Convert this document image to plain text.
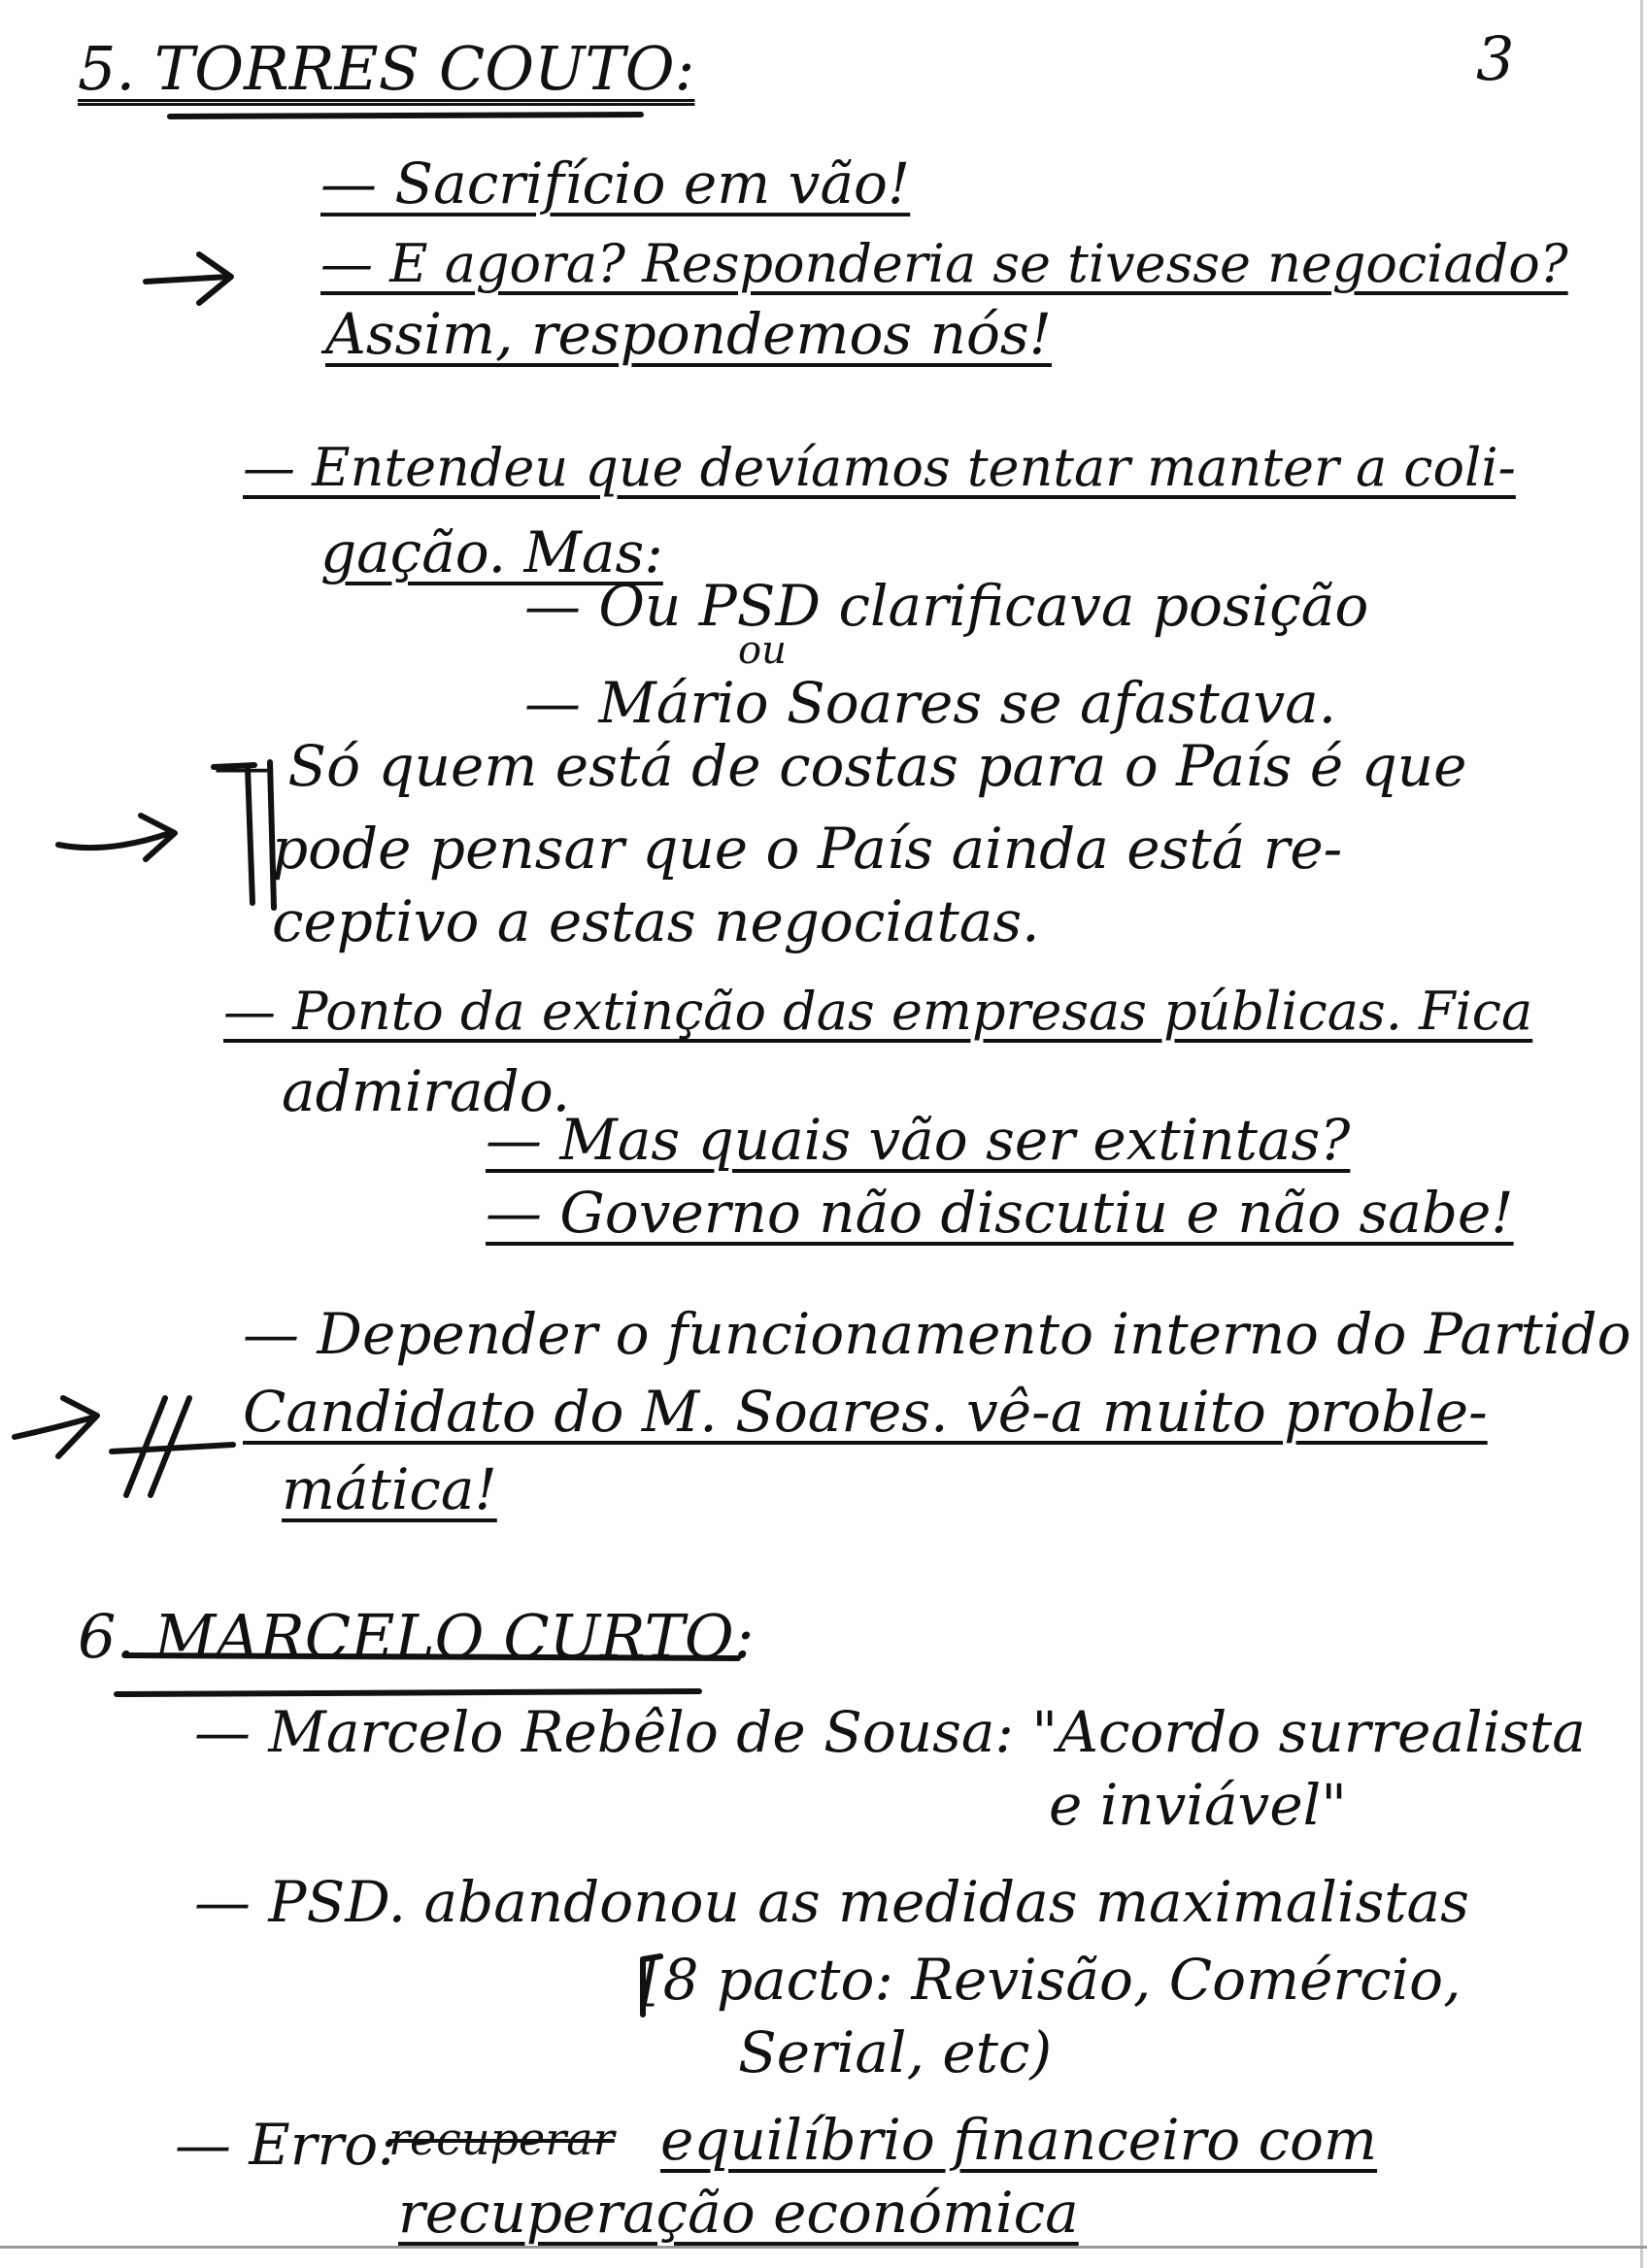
3
5. TORRES COUTO:
— Sacrifício em vão!
— E agora? Responderia se tivesse negociado?
Assim, respondemos nós!
— Entendeu que devíamos tentar manter a coli-
gação. Mas:
— Ou PSD clarificava posição
ou
— Mário Soares se afastava.
— Só quem está de costas para o País é que
pode pensar que o País ainda está re-
ceptivo a estas negociatas.
— Ponto da extinção das empresas públicas. Fica
admirado.
— Mas quais vão ser extintas?
— Governo não discutiu e não sabe!
— Depender o funcionamento interno do Partido
Candidato do M. Soares. vê-a muito proble-
mática!
6. MARCELO CURTO:
— Marcelo Rebêlo de Sousa: "Acordo surrealista
e inviável"
— PSD. abandonou as medidas maximalistas
[8 pacto: Revisão, Comércio,
Serial, etc)
— Erro:
recuperar equilíbrio financeiro com
recuperação económica
